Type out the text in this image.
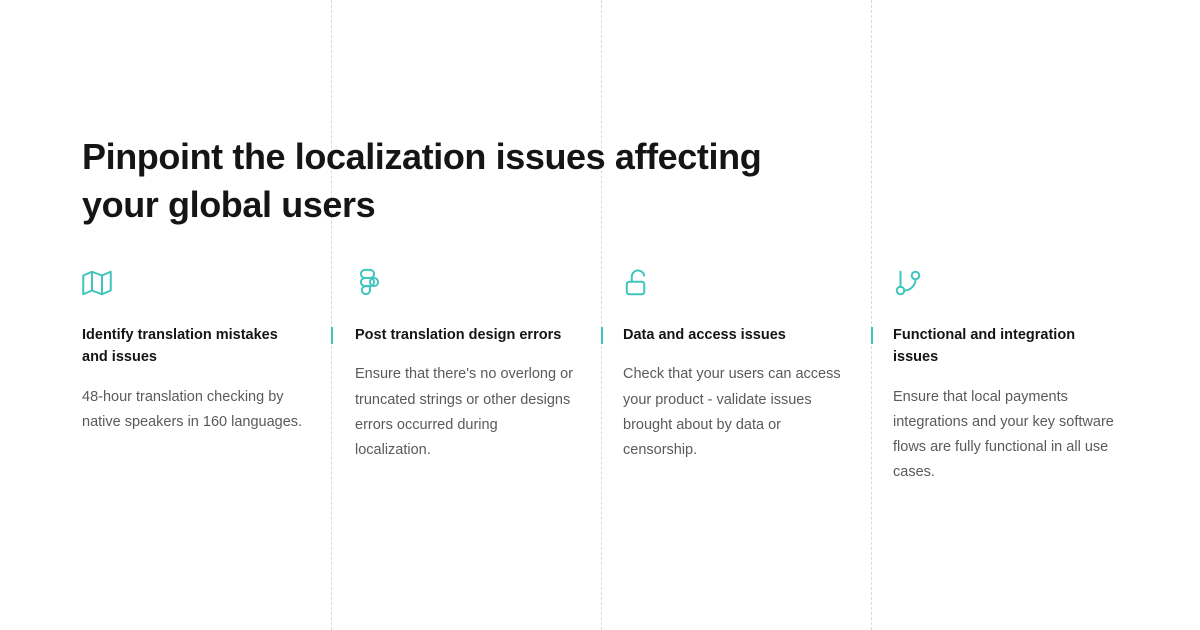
Pinpoint the localization issues affecting your global users
Identify translation mistakes and issues
48-hour translation checking by native speakers in 160 languages.
Post translation design errors
Ensure that there's no overlong or truncated strings or other designs errors occurred during localization.
Data and access issues
Check that your users can access your product - validate issues brought about by data or censorship.
Functional and integration issues
Ensure that local payments integrations and your key software flows are fully functional in all use cases.
